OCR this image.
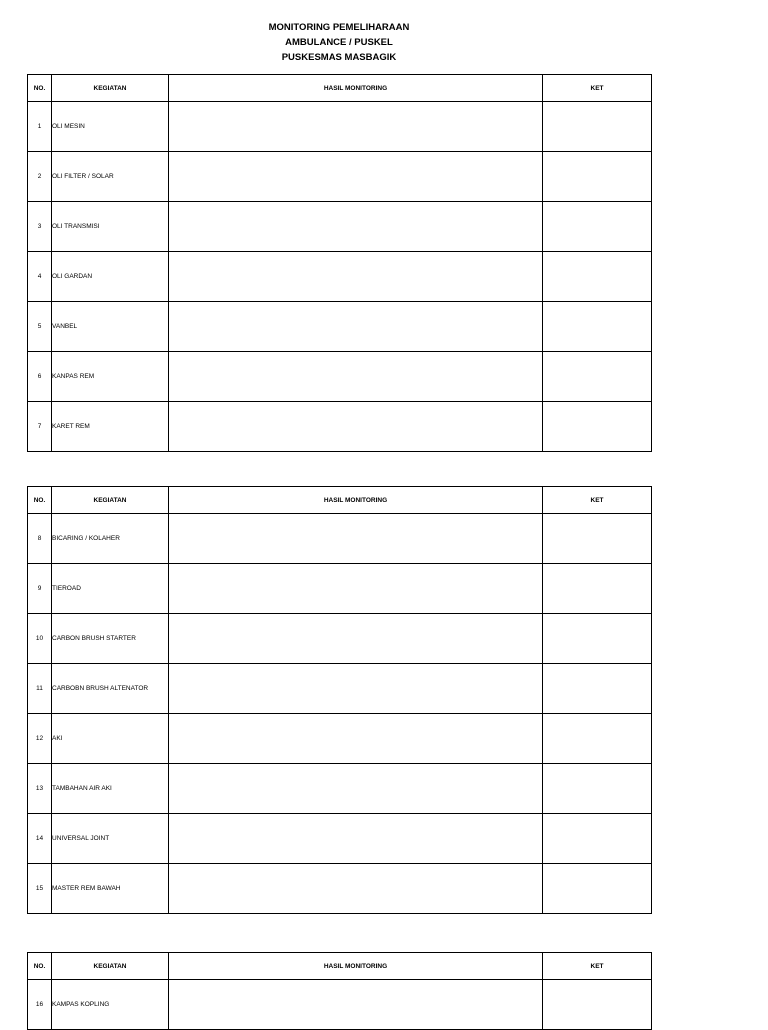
MONITORING PEMELIHARAAN
AMBULANCE / PUSKEL
PUSKESMAS MASBAGIK
NO.	KEGIATAN	HASIL MONITORING	KET
1	OLI MESIN		
2	OLI FILTER / SOLAR		
3	OLI TRANSMISI		
4	OLI GARDAN		
5	VANBEL		
6	KANPAS REM		
7	KARET REM		
NO.	KEGIATAN	HASIL MONITORING	KET
8	BICARING / KOLAHER		
9	TIEROAD		
10	CARBON BRUSH STARTER		
11	CARBOBN BRUSH ALTENATOR		
12	AKI		
13	TAMBAHAN AIR AKI		
14	UNIVERSAL JOINT		
15	MASTER REM BAWAH		
NO.	KEGIATAN	HASIL MONITORING	KET
16	KAMPAS KOPLING		
